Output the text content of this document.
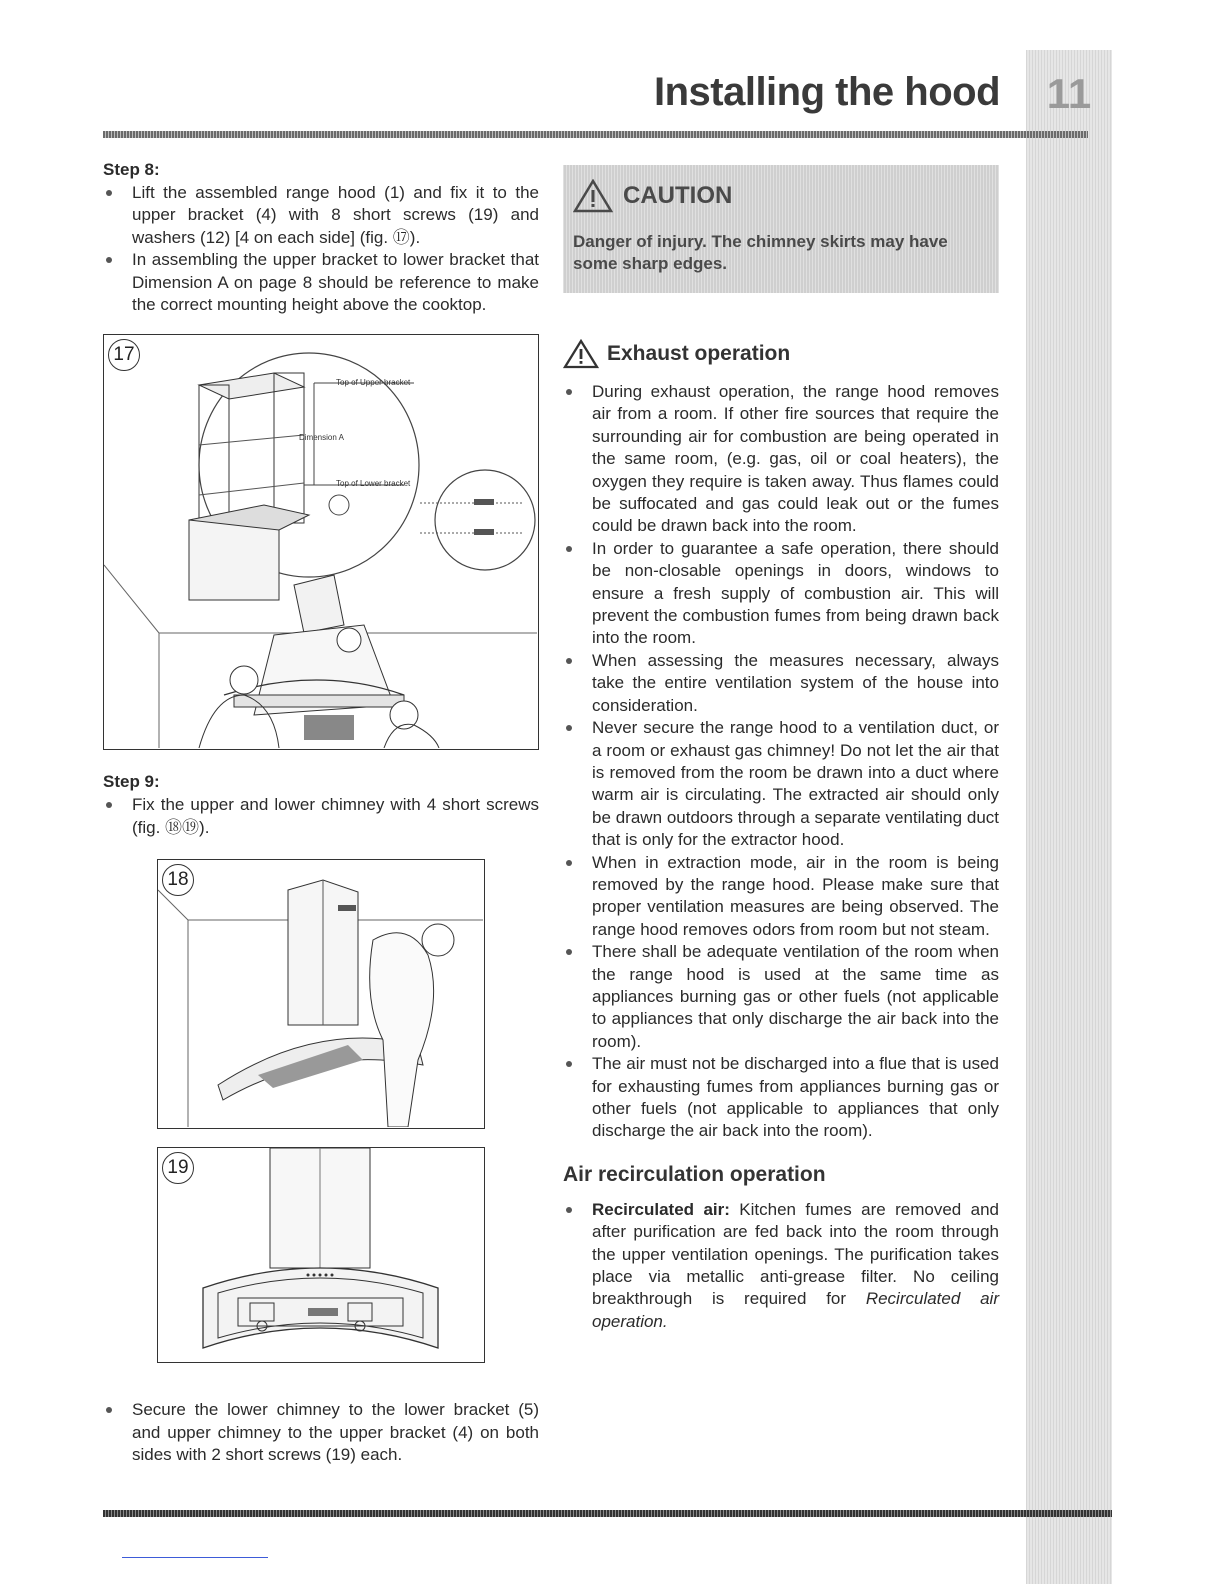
Installing the hood	11
Step 8:
Lift the assembled range hood (1) and fix it to the upper bracket (4) with 8 short screws (19) and washers (12) [4 on each side] (fig. ⑰).
In assembling the upper bracket to lower bracket that Dimension A on page 8 should be reference to make the correct mounting height above the cooktop.
17
Top of Upper bracket
Dimension A
Top of Lower bracket
Step 9:
Fix the upper and lower chimney with 4 short screws (fig. ⑱⑲).
18
19
Secure the lower chimney to the lower bracket (5) and upper chimney to the upper bracket (4) on both sides with 2 short screws (19) each.
CAUTION
Danger of injury. The chimney skirts may have some sharp edges.
Exhaust operation
During exhaust operation, the range hood removes air from a room. If other fire sources that require the surrounding air for combustion are being operated in the same room, (e.g. gas, oil or coal heaters), the oxygen they require is taken away. Thus flames could be suffocated and gas could leak out or the fumes could be drawn back into the room.
In order to guarantee a safe operation, there should be non-closable openings in doors, windows to ensure a fresh supply of combustion air. This will prevent the combustion fumes from being drawn back into the room.
When assessing the measures necessary, always take the entire ventilation system of the house into consideration.
Never secure the range hood to a ventilation duct, or a room or exhaust gas chimney! Do not let the air that is removed from the room be drawn into a duct where warm air is circulating. The extracted air should only be drawn outdoors through a separate ventilating duct that is only for the extractor hood.
When in extraction mode, air in the room is being removed by the range hood. Please make sure that proper ventilation measures are being observed. The range hood removes odors from room but not steam.
There shall be adequate ventilation of the room when the range hood is used at the same time as appliances burning gas or other fuels (not applicable to appliances that only discharge the air back into the room).
The air must not be discharged into a flue that is used for exhausting fumes from appliances burning gas or other fuels (not applicable to appliances that only discharge the air back into the room).
Air recirculation operation
Recirculated air: Kitchen fumes are removed and after purification are fed back into the room through the upper ventilation openings. The purification takes place via metallic anti-grease filter. No ceiling breakthrough is required for Recirculated air operation.
